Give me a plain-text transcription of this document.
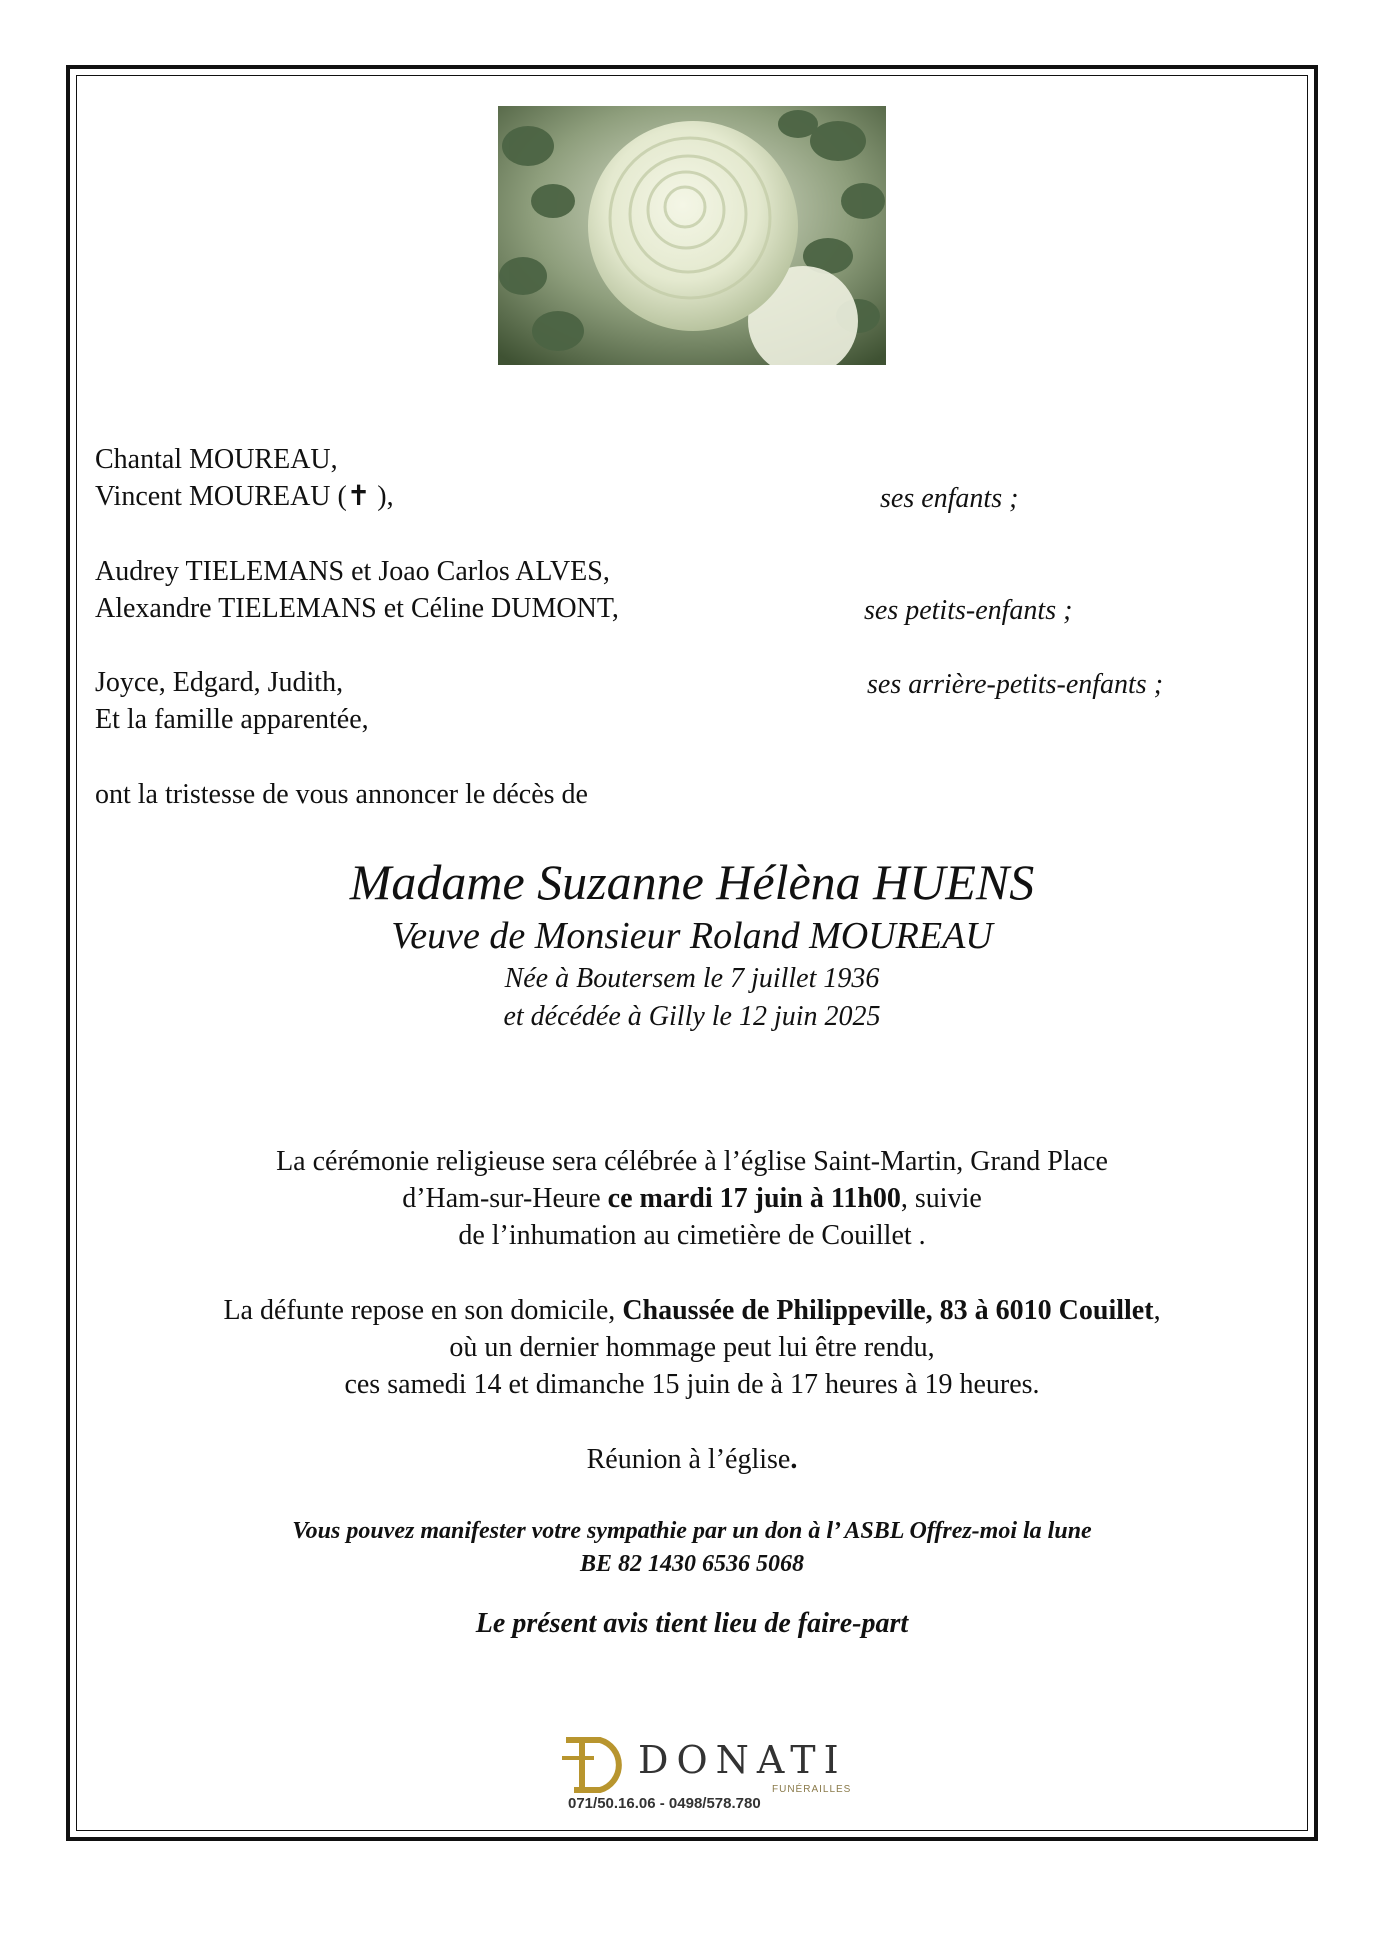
Chantal MOUREAU,
Vincent MOUREAU (✝ ),	ses enfants ;
Audrey TIELEMANS et Joao Carlos ALVES,
Alexandre TIELEMANS et Céline DUMONT,	ses petits-enfants ;
Joyce, Edgard, Judith,
Et la famille apparentée,
ses arrière-petits-enfants ;
ont la tristesse de vous annoncer le décès de
Madame Suzanne Hélèna HUENS
Veuve de Monsieur Roland MOUREAU
Née à Boutersem le 7 juillet 1936
et décédée à Gilly le 12 juin 2025
La cérémonie religieuse sera célébrée à l’église Saint-Martin, Grand Place
d’Ham-sur-Heure ce mardi 17 juin à 11h00, suivie
de l’inhumation au cimetière de Couillet .
La défunte repose en son domicile, Chaussée de Philippeville, 83 à 6010 Couillet,
où un dernier hommage peut lui être rendu,
ces samedi 14 et dimanche 15 juin de à 17 heures à 19 heures.
Réunion à l’église.
Vous pouvez manifester votre sympathie par un don à l’ ASBL Offrez-moi la lune
BE 82 1430 6536 5068
Le présent avis tient lieu de faire-part
DONATI
FUNÉRAILLES
071/50.16.06 - 0498/578.780
